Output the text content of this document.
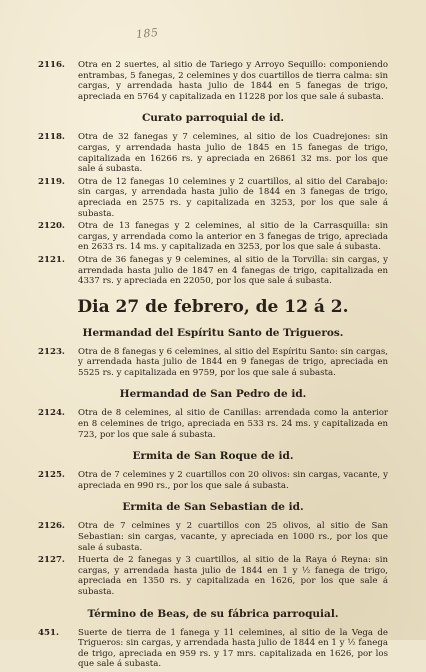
185
2116. Otra en 2 suertes, al sitio de Tariego y Arroyo Sequillo: componiendo entrambas, 5 fanegas, 2 celemines y dos cuartillos de tierra calma: sin cargas, y arrendada hasta julio de 1844 en 5 fanegas de trigo, apreciada en 5764 y capitalizada en 11228 por los que sale á subasta.
Curato parroquial de id.
2118. Otra de 32 fanegas y 7 celemines, al sitio de los Cuadrejones: sin cargas, y arrendada hasta julio de 1845 en 15 fanegas de trigo, capitalizada en 16266 rs. y apreciada en 26861 32 ms. por los que sale á subasta.
2119. Otra de 12 fanegas 10 celemines y 2 cuartillos, al sitio del Carabajo: sin cargas, y arrendada hasta julio de 1844 en 3 fanegas de trigo, apreciada en 2575 rs. y capitalizada en 3253, por los que sale á subasta.
2120. Otra de 13 fanegas y 2 celemines, al sitio de la Carrasquilla: sin cargas, y arrendada como la anterior en 3 fanegas de trigo, apreciada en 2633 rs. 14 ms. y capitalizada en 3253, por los que sale á subasta.
2121. Otra de 36 fanegas y 9 celemines, al sitio de la Torvilla: sin cargas, y arrendada hasta julio de 1847 en 4 fanegas de trigo, capitalizada en 4337 rs. y apreciada en 22050, por los que sale á subasta.
Dia 27 de febrero, de 12 á 2.
Hermandad del Espíritu Santo de Trigueros.
2123. Otra de 8 fanegas y 6 celemines, al sitio del Espíritu Santo: sin cargas, y arrendada hasta julio de 1844 en 9 fanegas de trigo, apreciada en 5525 rs. y capitalizada en 9759, por los que sale á subasta.
Hermandad de San Pedro de id.
2124. Otra de 8 celemines, al sitio de Canillas: arrendada como la anterior en 8 celemines de trigo, apreciada en 533 rs. 24 ms. y capitalizada en 723, por los que sale á subasta.
Ermita de San Roque de id.
2125. Otra de 7 celemines y 2 cuartillos con 20 olivos: sin cargas, vacante, y apreciada en 990 rs., por los que sale á subasta.
Ermita de San Sebastian de id.
2126. Otra de 7 celmines y 2 cuartillos con 25 olivos, al sitio de San Sebastian: sin cargas, vacante, y apreciada en 1000 rs., por los que sale á subasta.
2127. Huerta de 2 fanegas y 3 cuartillos, al sitio de la Raya ó Reyna: sin cargas, y arrendada hasta julio de 1844 en 1 y ½ fanega de trigo, apreciada en 1350 rs. y capitalizada en 1626, por los que sale á subasta.
Término de Beas, de su fábrica parroquial.
451. Suerte de tierra de 1 fanega y 11 celemines, al sitio de la Vega de Trigueros: sin cargas, y arrendada hasta julio de 1844 en 1 y ½ fanega de trigo, apreciada en 959 rs. y 17 mrs. capitalizada en 1626, por los que sale á subasta.
